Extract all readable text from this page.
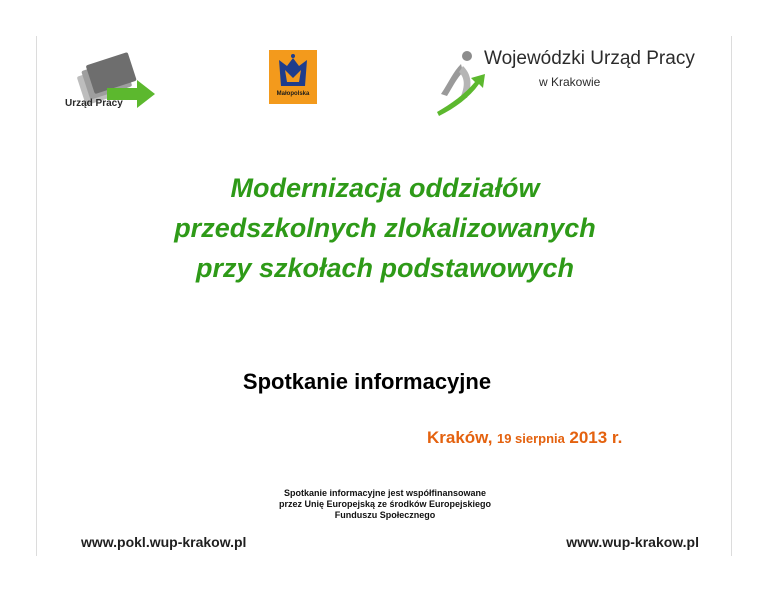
Urząd Pracy
Małopolska
Wojewódzki Urząd Pracy
w Krakowie
Modernizacja oddziałów
przedszkolnych zlokalizowanych
przy szkołach podstawowych
Spotkanie informacyjne
Kraków, 19 sierpnia 2013 r.
Spotkanie informacyjne jest współfinansowane
przez Unię Europejską ze środków Europejskiego
Funduszu Społecznego
www.pokl.wup-krakow.pl	www.wup-krakow.pl
